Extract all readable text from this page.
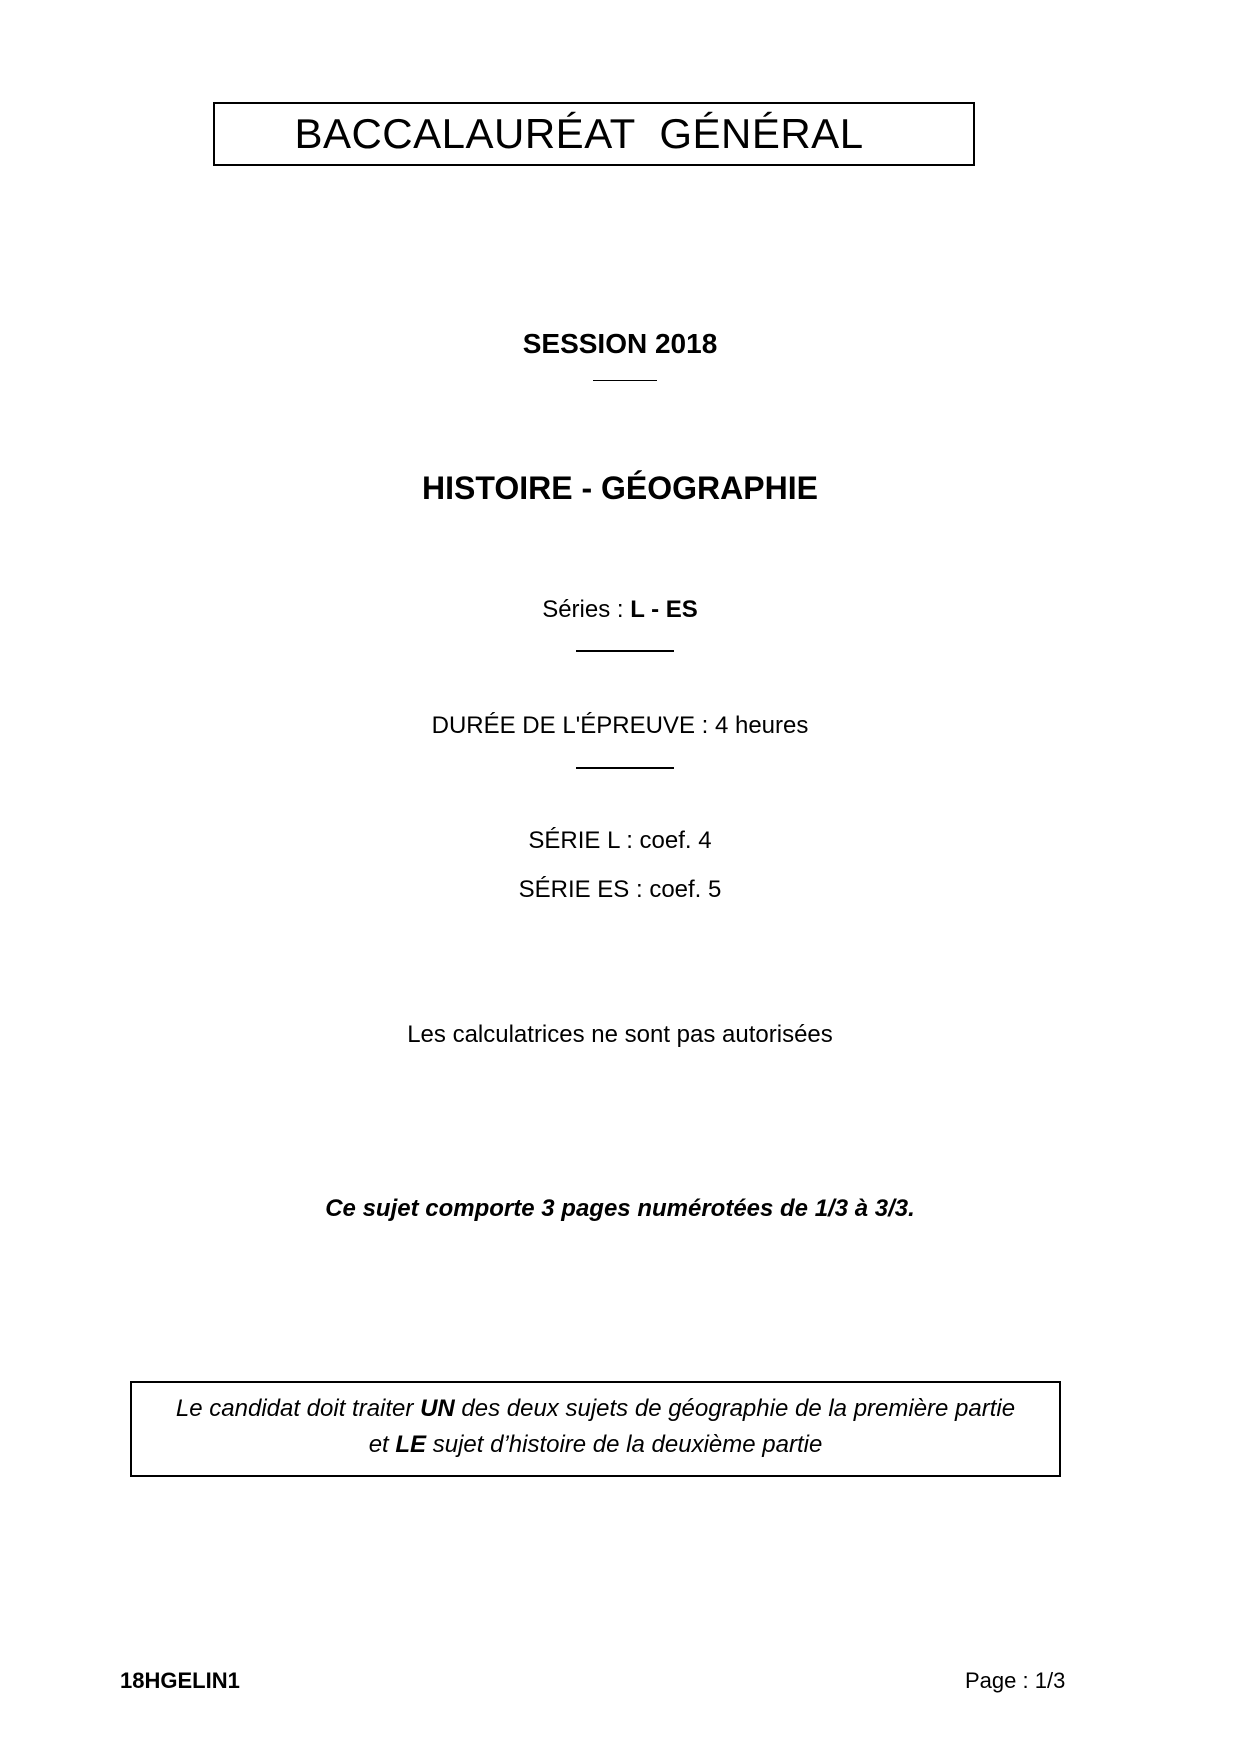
BACCALAURÉAT  GÉNÉRAL
SESSION 2018
HISTOIRE - GÉOGRAPHIE
Séries : L - ES
DURÉE DE L'ÉPREUVE : 4 heures
SÉRIE L : coef. 4
SÉRIE ES : coef. 5
Les calculatrices ne sont pas autorisées
Ce sujet comporte 3 pages numérotées de 1/3 à 3/3.
Le candidat doit traiter UN des deux sujets de géographie de la première partie
et LE sujet d’histoire de la deuxième partie
18HGELIN1	Page : 1/3
